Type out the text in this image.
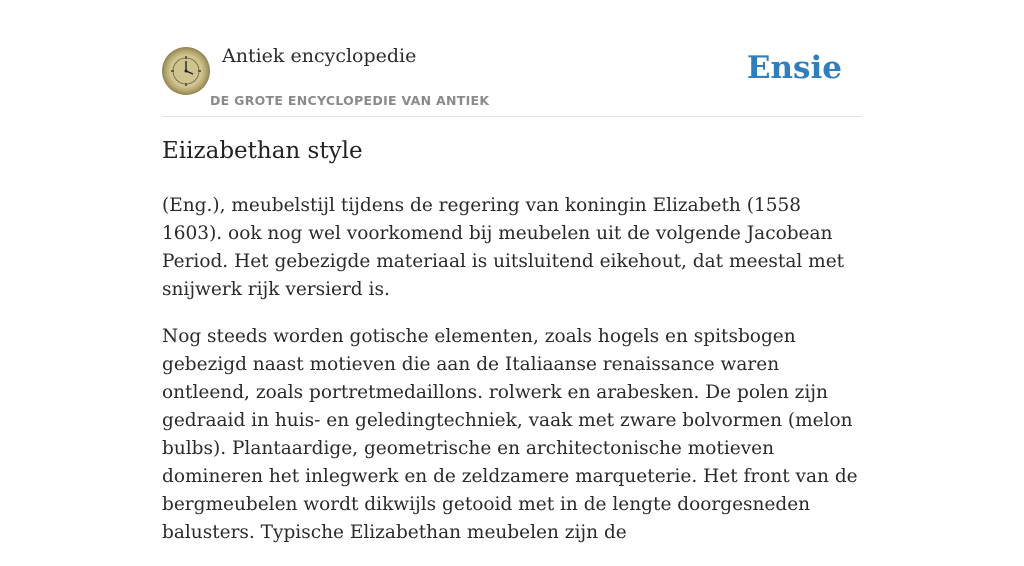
Antiek encyclopedie
DE GROTE ENCYCLOPEDIE VAN ANTIEK
Ensie
Eiizabethan style

(Eng.), meubelstijl tijdens de regering van koningin Elizabeth (1558 1603). ook nog wel voorkomend bij meubelen uit de volgende Jacobean Period. Het gebezigde materiaal is uitsluitend eikehout, dat meestal met snijwerk rijk versierd is.

Nog steeds worden gotische elementen, zoals hogels en spitsbogen gebezigd naast motieven die aan de Italiaanse renaissance waren ontleend, zoals portretmedaillons. rolwerk en arabesken. De polen zijn gedraaid in huis- en geledingtechniek, vaak met zware bolvormen (melon bulbs). Plantaardige, geometrische en architectonische motieven domineren het inlegwerk en de zeldzamere marqueterie. Het front van de bergmeubelen wordt dikwijls getooid met in de lengte doorgesneden balusters. Typische Elizabethan meubelen zijn de
